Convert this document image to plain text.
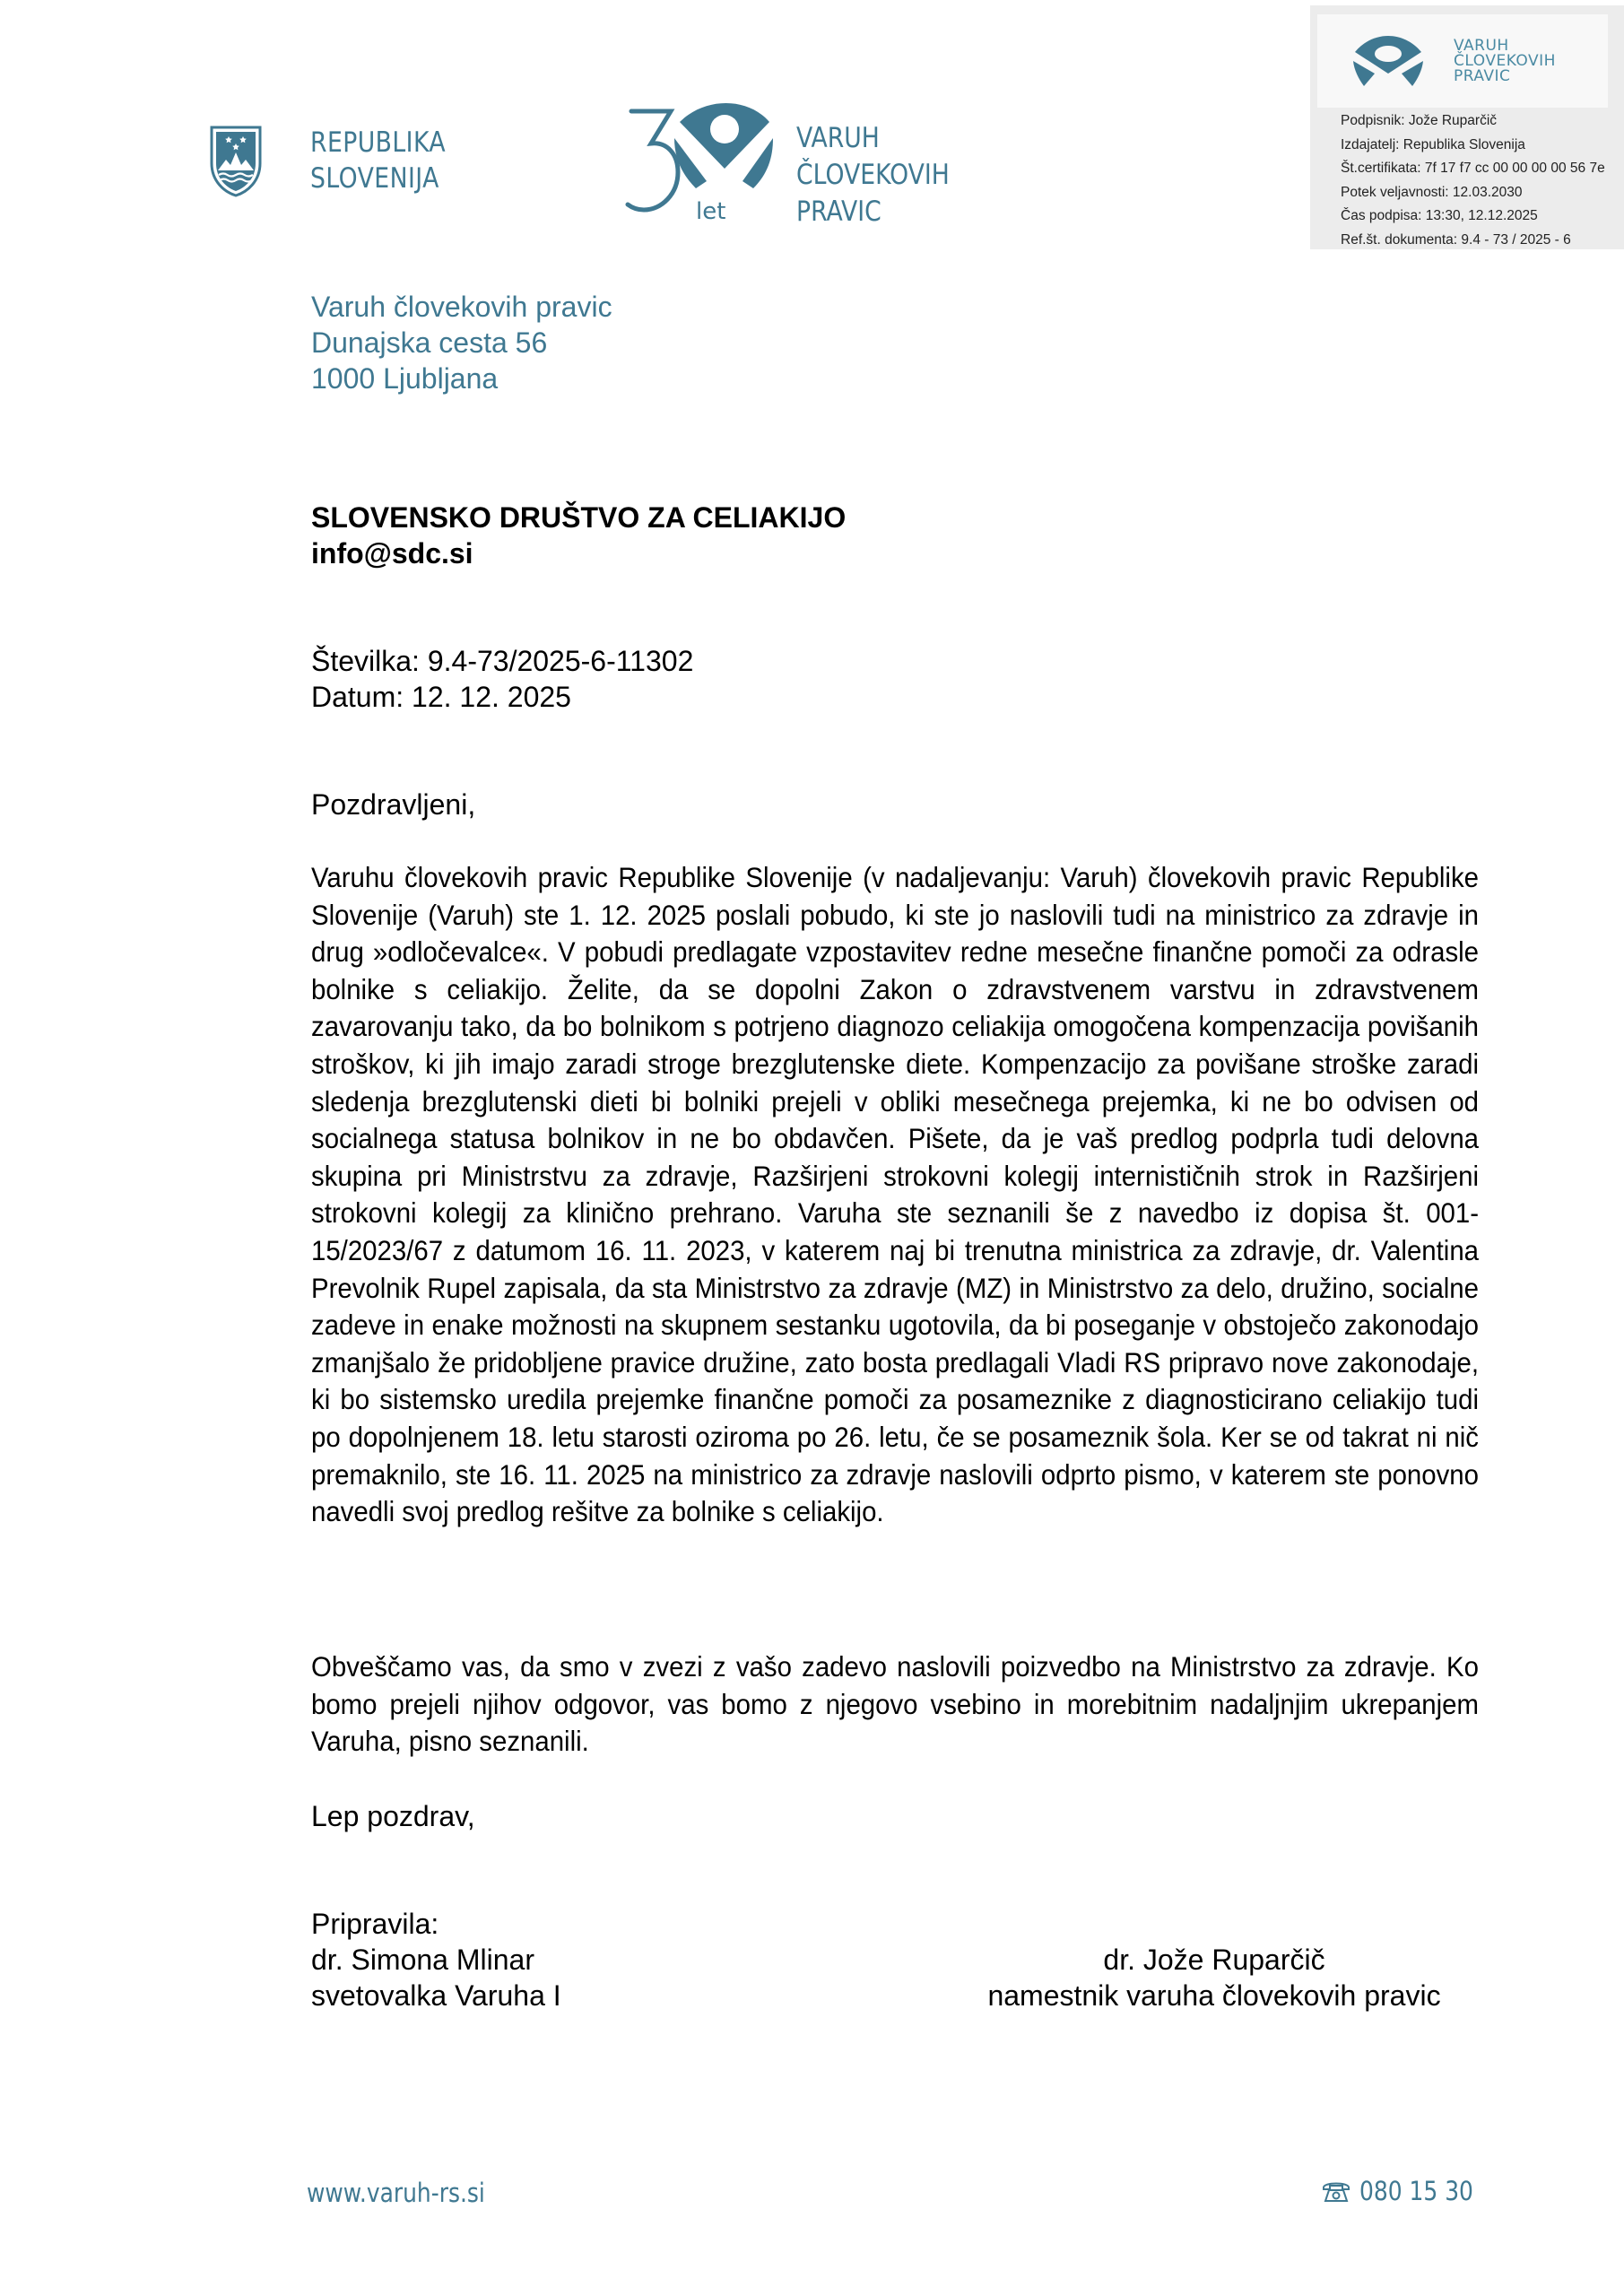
REPUBLIKA
SLOVENIJA
let
VARUH
ČLOVEKOVIH
PRAVIC
VARUH
ČLOVEKOVIH
PRAVIC
Podpisnik: Jože Ruparčič
Izdajatelj: Republika Slovenija
Št.certifikata: 7f 17 f7 cc 00 00 00 00 56 7e
Potek veljavnosti: 12.03.2030
Čas podpisa: 13:30, 12.12.2025
Ref.št. dokumenta: 9.4 - 73 / 2025 - 6
Varuh človekovih pravic
Dunajska cesta 56
1000 Ljubljana
SLOVENSKO DRUŠTVO ZA CELIAKIJO
info@sdc.si
Številka: 9.4-73/2025-6-11302
Datum: 12. 12. 2025
Pozdravljeni,
Varuhu človekovih pravic Republike Slovenije (v nadaljevanju: Varuh) človekovih pravic Republike Slovenije (Varuh) ste 1. 12. 2025 poslali pobudo, ki ste jo naslovili tudi na ministrico za zdravje in drug »odločevalce«. V pobudi predlagate vzpostavitev redne mesečne finančne pomoči za odrasle bolnike s celiakijo. Želite, da se dopolni Zakon o zdravstvenem varstvu in zdravstvenem zavarovanju tako, da bo bolnikom s potrjeno diagnozo celiakija omogočena kompenzacija povišanih stroškov, ki jih imajo zaradi stroge brezglutenske diete. Kompenzacijo za povišane stroške zaradi sledenja brezglutenski dieti bi bolniki prejeli v obliki mesečnega prejemka, ki ne bo odvisen od socialnega statusa bolnikov in ne bo obdavčen. Pišete, da je vaš predlog podprla tudi delovna skupina pri Ministrstvu za zdravje, Razširjeni strokovni kolegij internističnih strok in Razširjeni strokovni kolegij za klinično prehrano. Varuha ste seznanili še z navedbo iz dopisa št. 001-15/2023/67 z datumom 16. 11. 2023, v katerem naj bi trenutna ministrica za zdravje, dr. Valentina Prevolnik Rupel zapisala, da sta Ministrstvo za zdravje (MZ) in Ministrstvo za delo, družino, socialne zadeve in enake možnosti na skupnem sestanku ugotovila, da bi poseganje v obstoječo zakonodajo zmanjšalo že pridobljene pravice družine, zato bosta predlagali Vladi RS pripravo nove zakonodaje, ki bo sistemsko uredila prejemke finančne pomoči za posameznike z diagnosticirano celiakijo tudi po dopolnjenem 18. letu starosti oziroma po 26. letu, če se posameznik šola. Ker se od takrat ni nič premaknilo, ste 16. 11. 2025 na ministrico za zdravje naslovili odprto pismo, v katerem ste ponovno navedli svoj predlog rešitve za bolnike s celiakijo.
Obveščamo vas, da smo v zvezi z vašo zadevo naslovili poizvedbo na Ministrstvo za zdravje. Ko bomo prejeli njihov odgovor, vas bomo z njegovo vsebino in morebitnim nadaljnjim ukrepanjem Varuha, pisno seznanili.
Lep pozdrav,
Pripravila:
dr. Simona Mlinar
svetovalka Varuha I
dr. Jože Ruparčič
namestnik varuha človekovih pravic
www.varuh-rs.si	080 15 30
